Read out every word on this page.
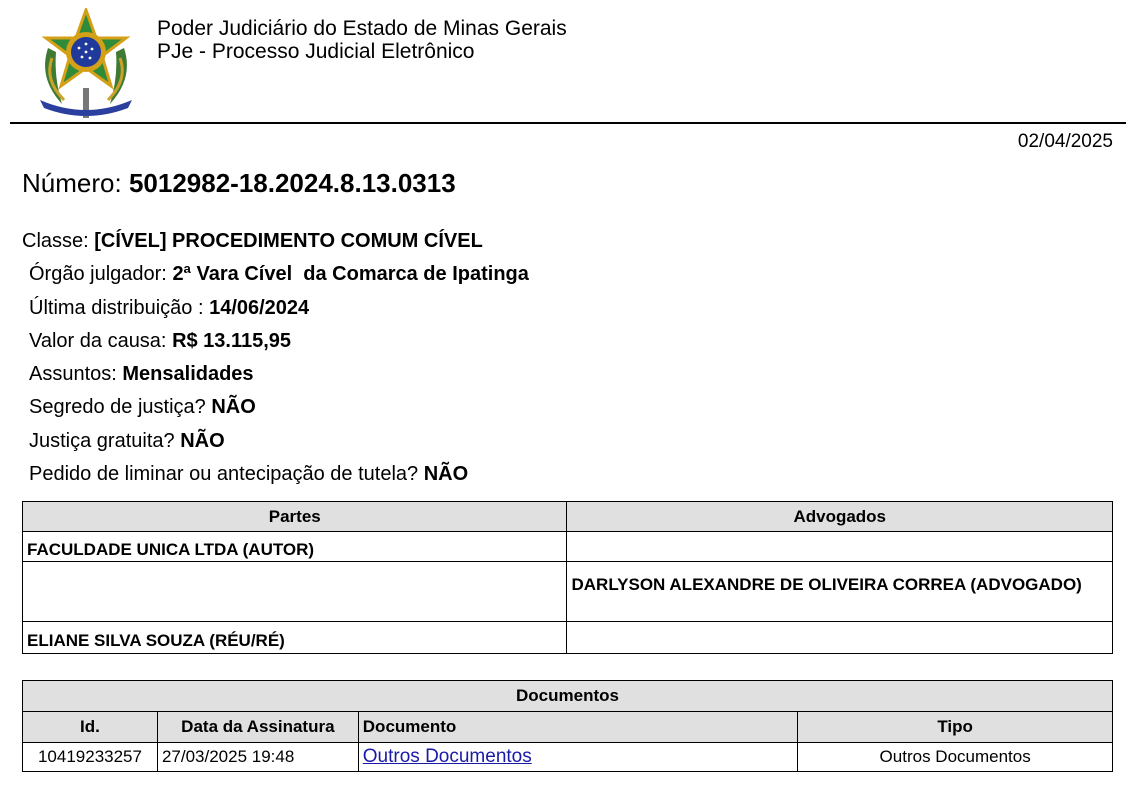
Poder Judiciário do Estado de Minas Gerais
PJe - Processo Judicial Eletrônico
02/04/2025
Número: 5012982-18.2024.8.13.0313
Classe: [CÍVEL] PROCEDIMENTO COMUM CÍVEL
Órgão julgador: 2ª Vara Cível  da Comarca de Ipatinga
Última distribuição : 14/06/2024
Valor da causa: R$ 13.115,95
Assuntos: Mensalidades
Segredo de justiça? NÃO
Justiça gratuita? NÃO
Pedido de liminar ou antecipação de tutela? NÃO
Partes	Advogados
FACULDADE UNICA LTDA (AUTOR)	
	DARLYSON ALEXANDRE DE OLIVEIRA CORREA (ADVOGADO)
ELIANE SILVA SOUZA (RÉU/RÉ)	
Documentos			
Id.	Data da Assinatura	Documento	Tipo
10419233257	27/03/2025 19:48	Outros Documentos	Outros Documentos
